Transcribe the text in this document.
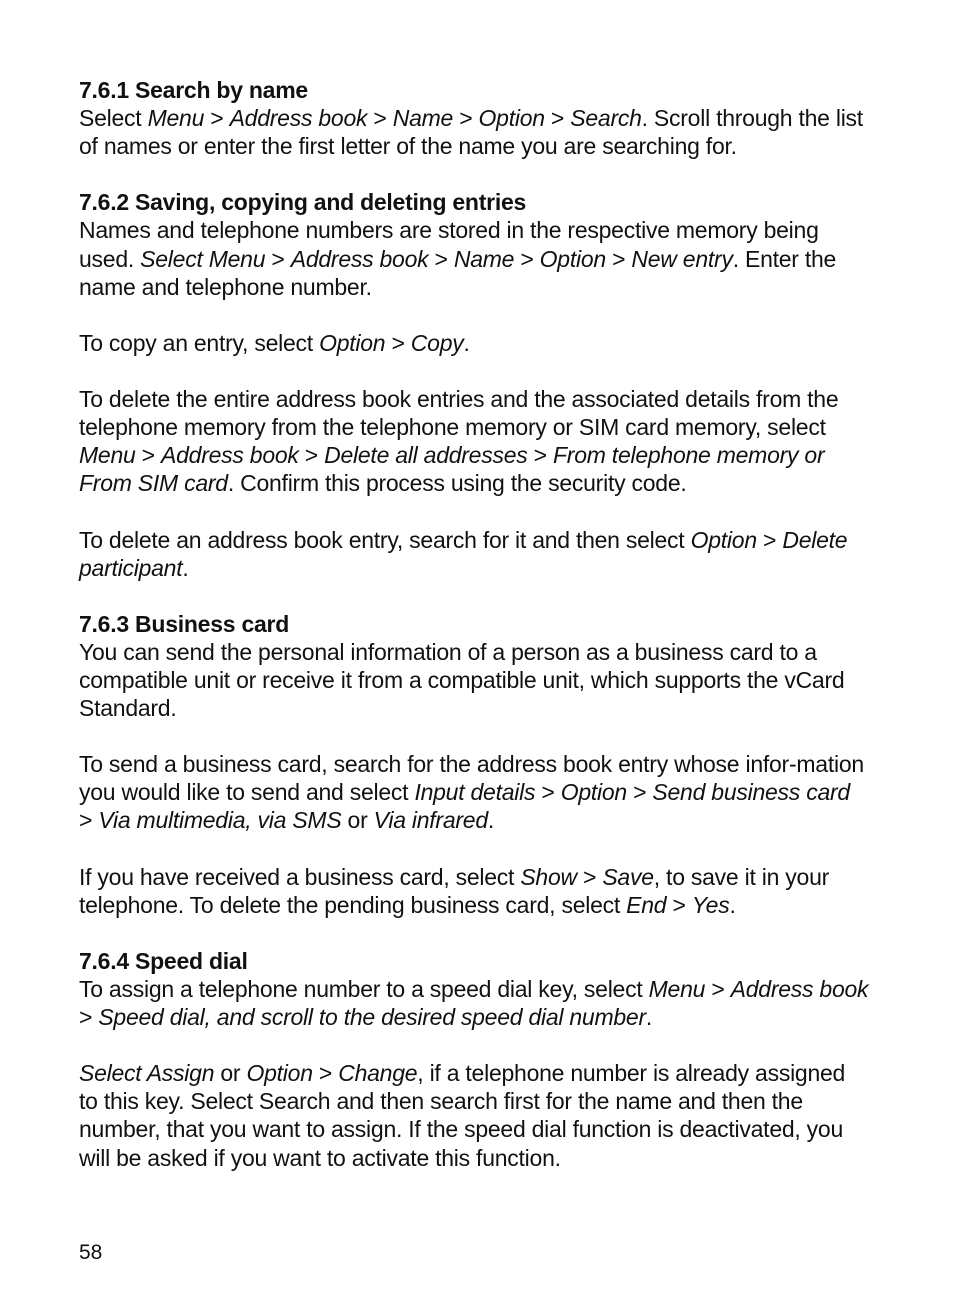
7.6.1 Search by name

Select Menu > Address book > Name > Option > Search. Scroll through the list of names or enter the first letter of the name you are searching for.

7.6.2 Saving, copying and deleting entries

Names and telephone numbers are stored in the respective memory being used. Select Menu > Address book > Name > Option > New entry. Enter the name and telephone number.

To copy an entry, select Option > Copy.

To delete the entire address book entries and the associated details from the telephone memory from the telephone memory or SIM card memory, select Menu > Address book > Delete all addresses > From telephone memory or From SIM card. Confirm this process using the security code.

To delete an address book entry, search for it and then select Option > Delete participant.

7.6.3 Business card

You can send the personal information of a person as a business card to a compatible unit or receive it from a compatible unit, which supports the vCard Standard.

To send a business card, search for the address book entry whose infor-mation you would like to send and select Input details > Option > Send business card > Via multimedia, via SMS or Via infrared.

If you have received a business card, select Show > Save, to save it in your telephone. To delete the pending business card, select End > Yes.

7.6.4 Speed dial

To assign a telephone number to a speed dial key, select Menu > Address book > Speed dial, and scroll to the desired speed dial number.

Select Assign or Option > Change, if a telephone number is already assigned to this key. Select Search and then search first for the name and then the number, that you want to assign. If the speed dial function is deactivated, you will be asked if you want to activate this function.

58
